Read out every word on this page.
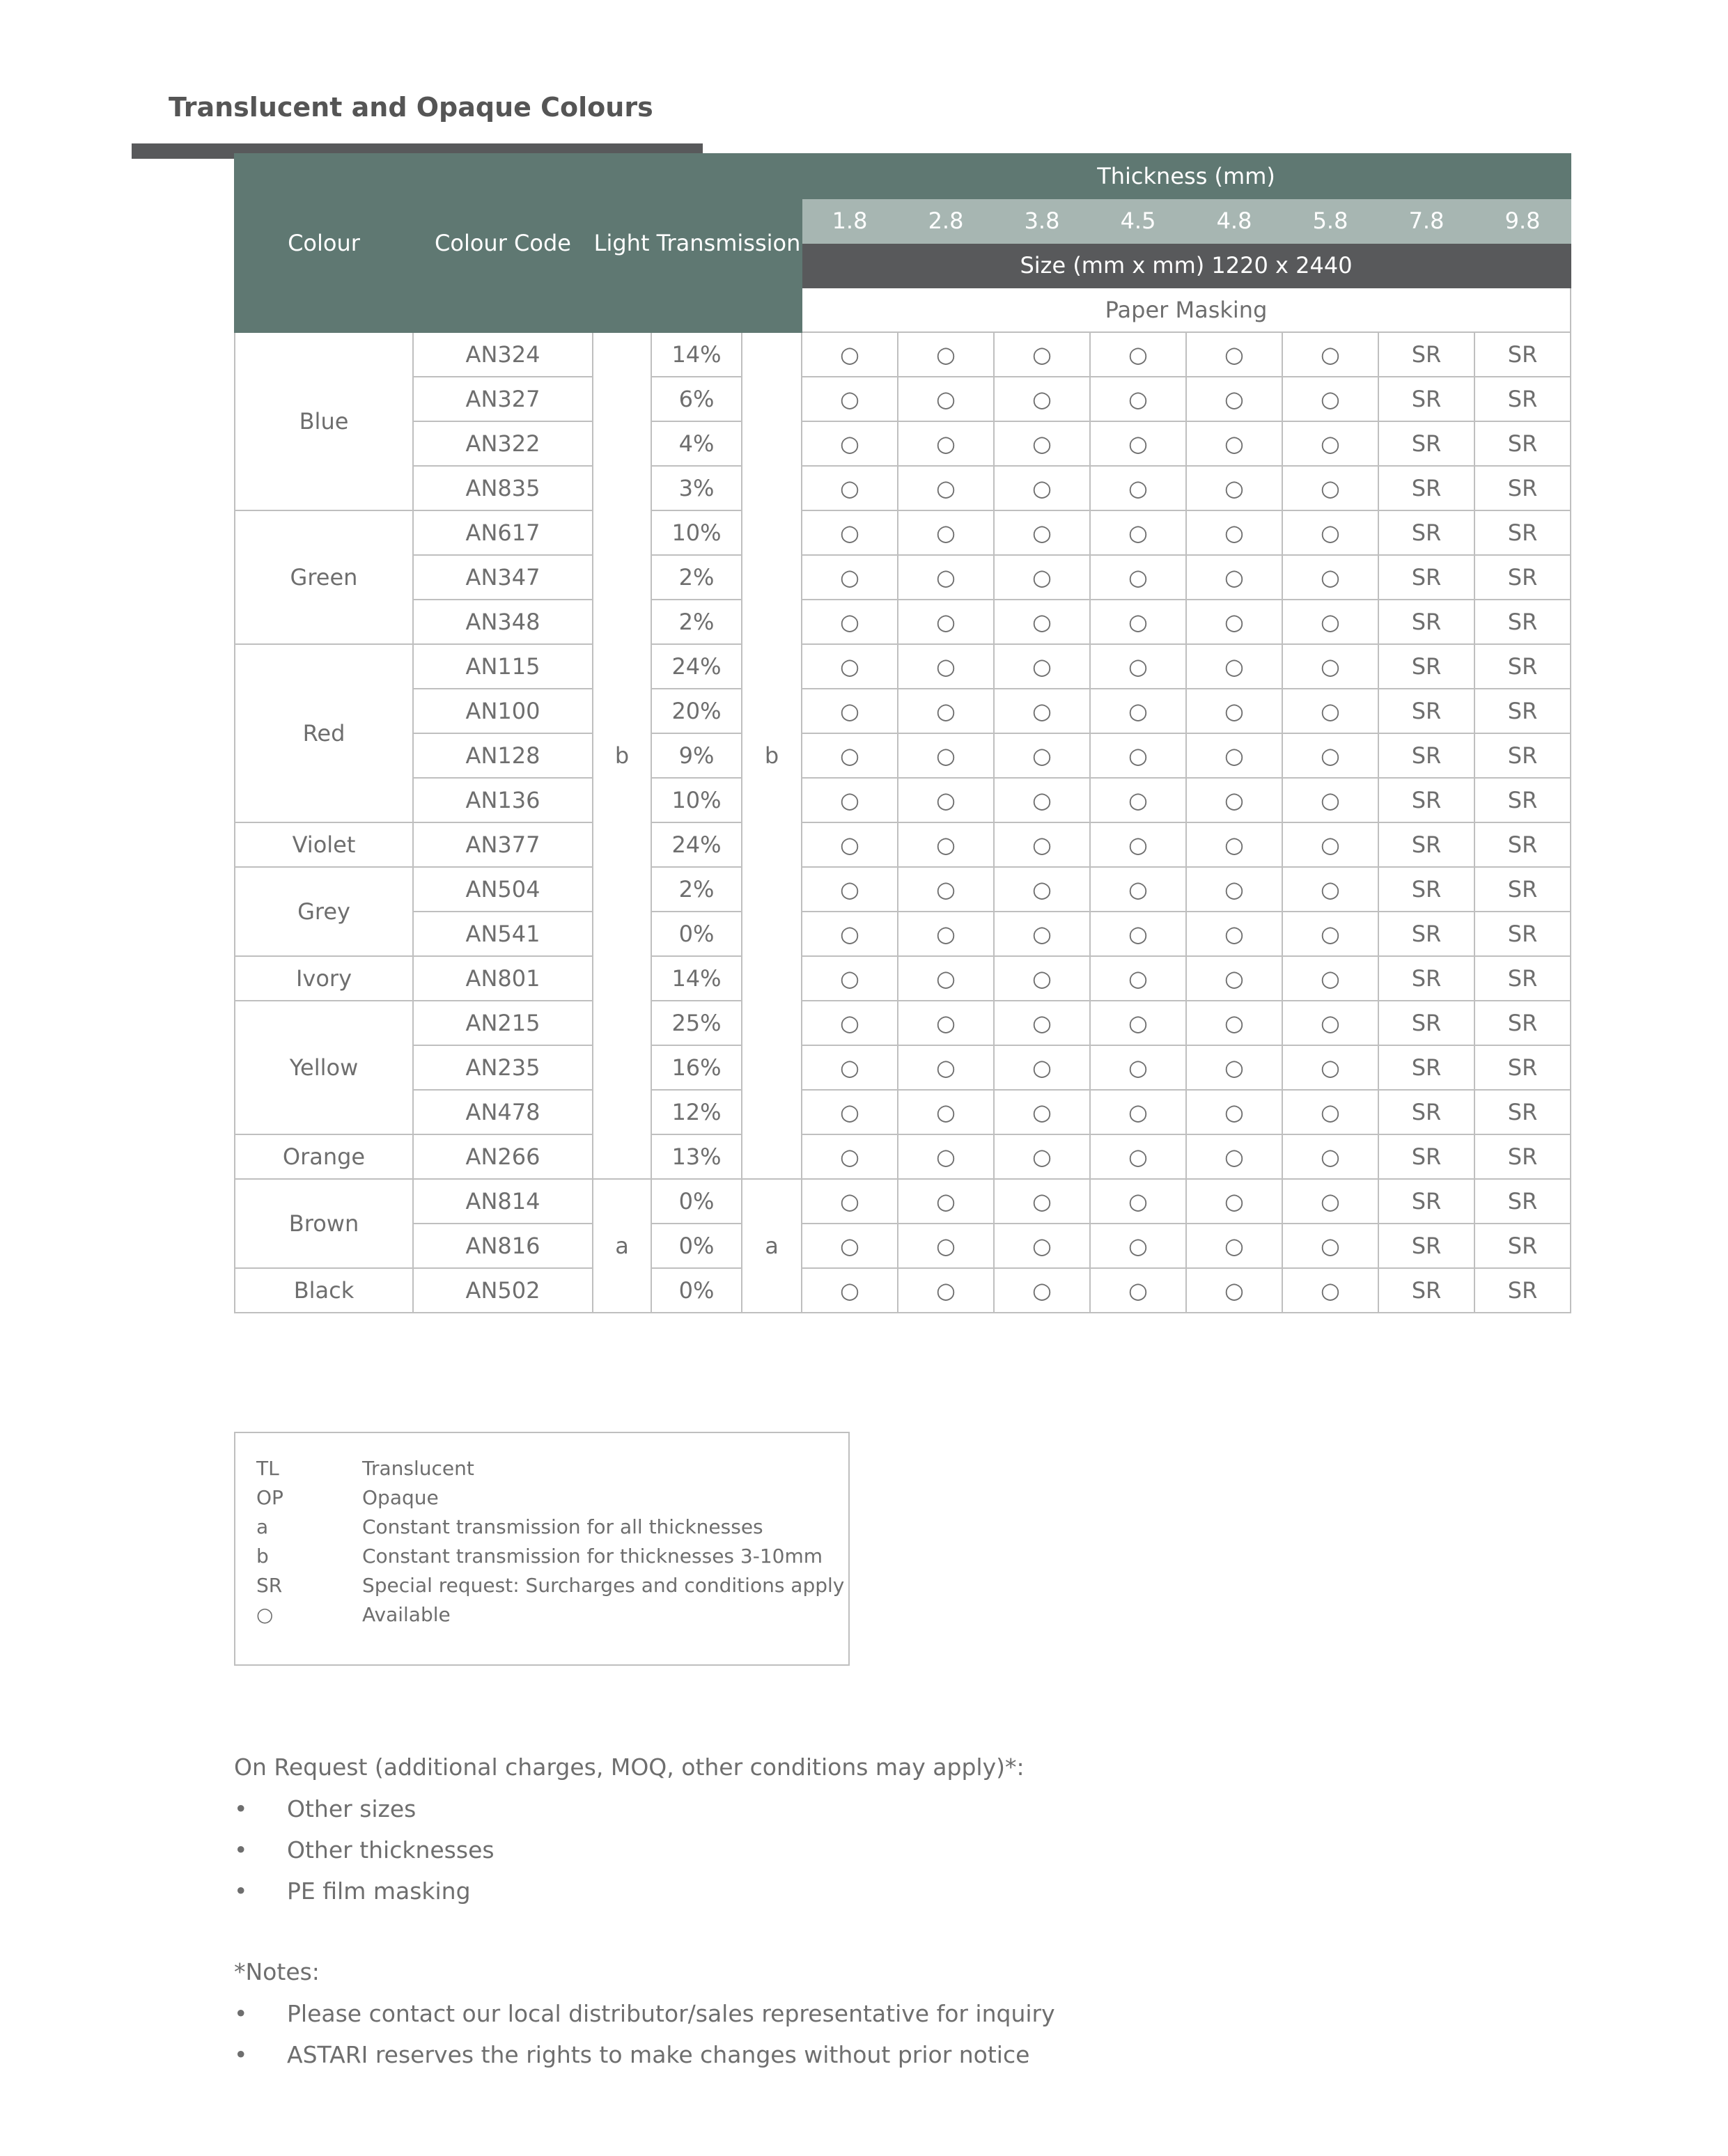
Translucent and Opaque Colours
Colour	Colour Code	Light Transmission			Thickness (mm)							
					1.8	2.8	3.8	4.5	4.8	5.8	7.8	9.8
					Size (mm x mm) 1220 x 2440							
					Paper Masking							
Blue	AN324	b	14%	b	○	○	○	○	○	○	SR	SR
	AN327		6%		○	○	○	○	○	○	SR	SR
	AN322		4%		○	○	○	○	○	○	SR	SR
	AN835		3%		○	○	○	○	○	○	SR	SR
Green	AN617		10%		○	○	○	○	○	○	SR	SR
	AN347		2%		○	○	○	○	○	○	SR	SR
	AN348		2%		○	○	○	○	○	○	SR	SR
Red	AN115		24%		○	○	○	○	○	○	SR	SR
	AN100		20%		○	○	○	○	○	○	SR	SR
	AN128		9%		○	○	○	○	○	○	SR	SR
	AN136		10%		○	○	○	○	○	○	SR	SR
Violet	AN377		24%		○	○	○	○	○	○	SR	SR
Grey	AN504		2%		○	○	○	○	○	○	SR	SR
	AN541		0%		○	○	○	○	○	○	SR	SR
Ivory	AN801		14%		○	○	○	○	○	○	SR	SR
Yellow	AN215		25%		○	○	○	○	○	○	SR	SR
	AN235		16%		○	○	○	○	○	○	SR	SR
	AN478		12%		○	○	○	○	○	○	SR	SR
Orange	AN266		13%		○	○	○	○	○	○	SR	SR
Brown	AN814	a	0%	a	○	○	○	○	○	○	SR	SR
	AN816		0%		○	○	○	○	○	○	SR	SR
Black	AN502		0%		○	○	○	○	○	○	SR	SR
TL	Translucent
OP	Opaque
a	Constant transmission for all thicknesses
b	Constant transmission for thicknesses 3-10mm
SR	Special request: Surcharges and conditions apply
○	Available
On Request (additional charges, MOQ, other conditions may apply)*:
• Other sizes
• Other thicknesses
• PE film masking
*Notes:
• Please contact our local distributor/sales representative for inquiry
• ASTARI reserves the rights to make changes without prior notice
